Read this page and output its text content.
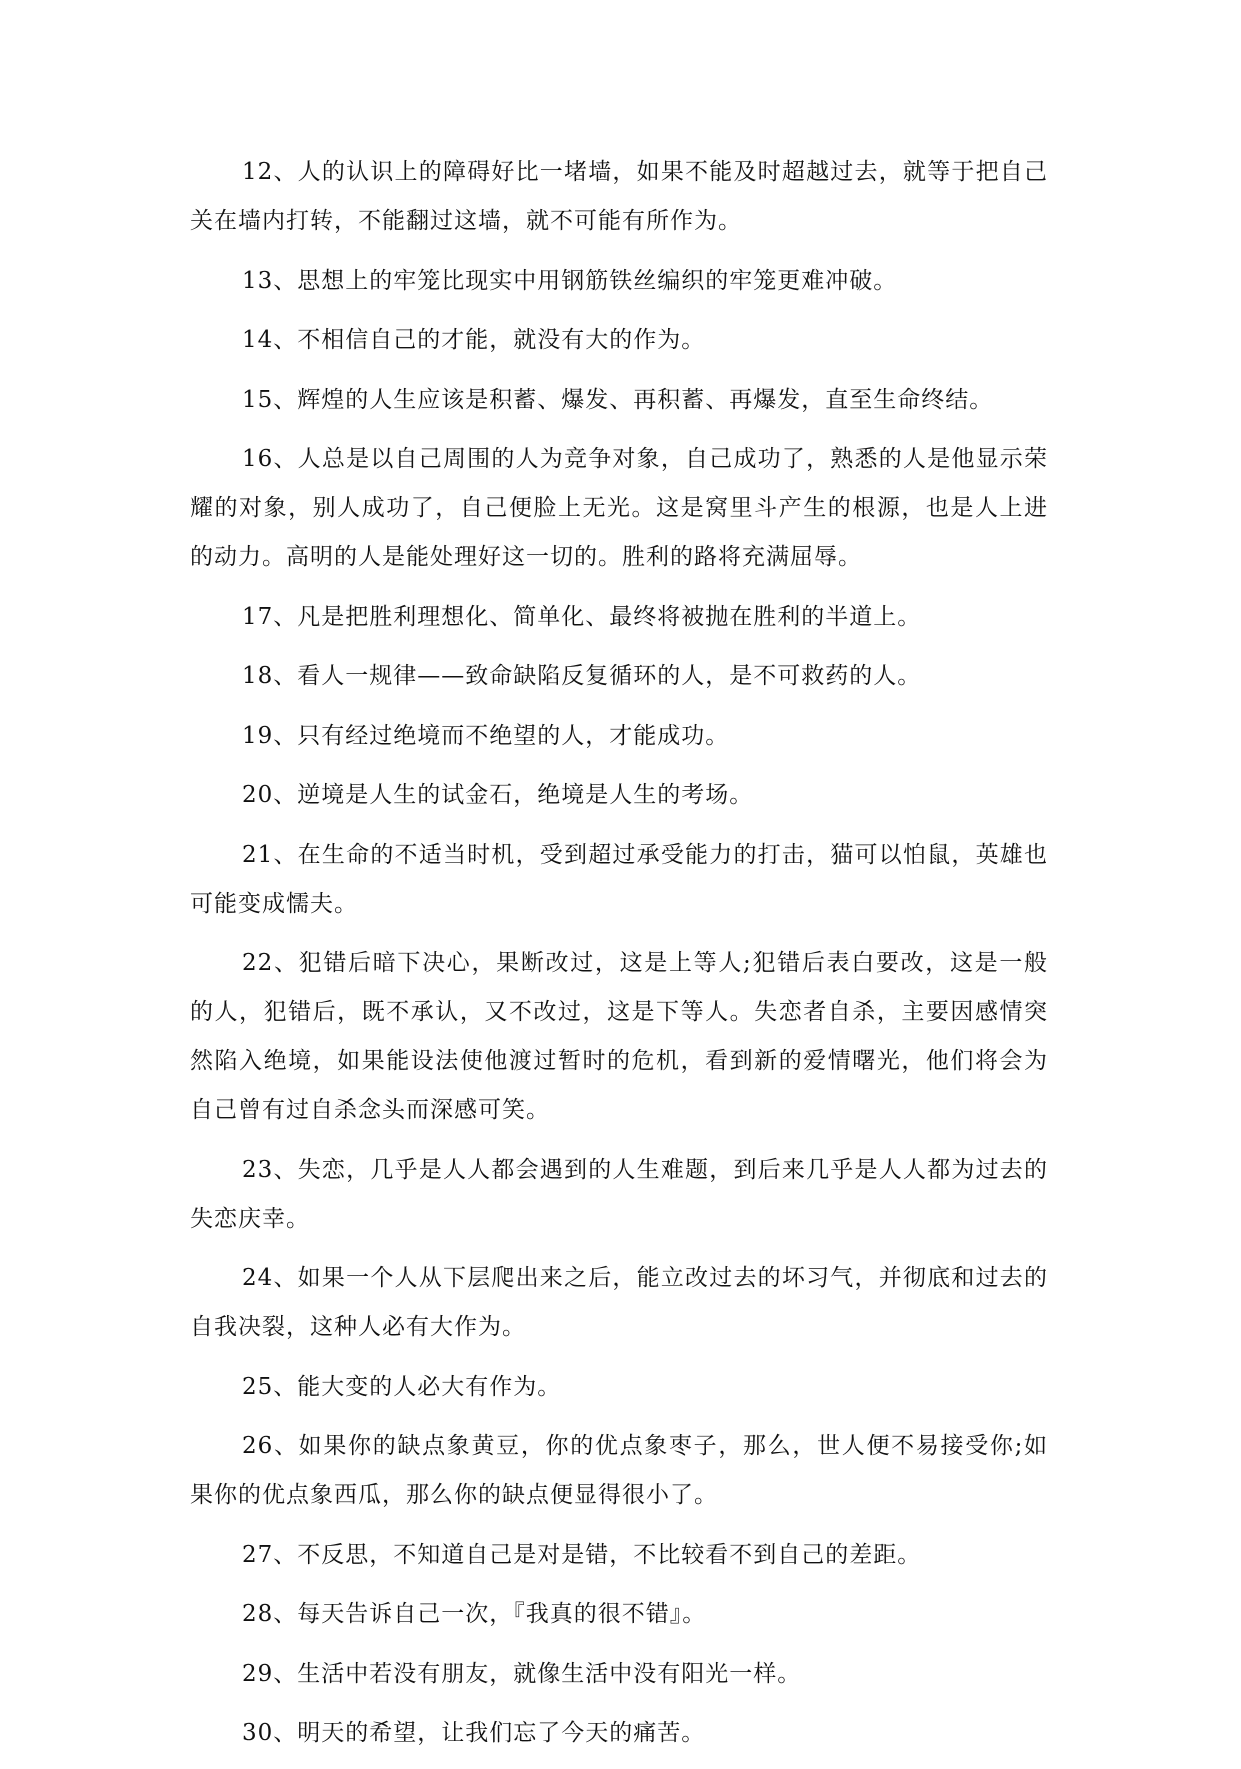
12、人的认识上的障碍好比一堵墙，如果不能及时超越过去，就等于把自己关在墙内打转，不能翻过这墙，就不可能有所作为。

13、思想上的牢笼比现实中用钢筋铁丝编织的牢笼更难冲破。

14、不相信自己的才能，就没有大的作为。

15、辉煌的人生应该是积蓄、爆发、再积蓄、再爆发，直至生命终结。

16、人总是以自己周围的人为竞争对象，自己成功了，熟悉的人是他显示荣耀的对象，别人成功了，自己便脸上无光。这是窝里斗产生的根源，也是人上进的动力。高明的人是能处理好这一切的。胜利的路将充满屈辱。

17、凡是把胜利理想化、简单化、最终将被抛在胜利的半道上。

18、看人一规律——致命缺陷反复循环的人，是不可救药的人。

19、只有经过绝境而不绝望的人，才能成功。

20、逆境是人生的试金石，绝境是人生的考场。

21、在生命的不适当时机，受到超过承受能力的打击，猫可以怕鼠，英雄也可能变成懦夫。

22、犯错后暗下决心，果断改过，这是上等人;犯错后表白要改，这是一般的人，犯错后，既不承认，又不改过，这是下等人。失恋者自杀，主要因感情突然陷入绝境，如果能设法使他渡过暂时的危机，看到新的爱情曙光，他们将会为自己曾有过自杀念头而深感可笑。

23、失恋，几乎是人人都会遇到的人生难题，到后来几乎是人人都为过去的失恋庆幸。

24、如果一个人从下层爬出来之后，能立改过去的坏习气，并彻底和过去的自我决裂，这种人必有大作为。

25、能大变的人必大有作为。

26、如果你的缺点象黄豆，你的优点象枣子，那么，世人便不易接受你;如果你的优点象西瓜，那么你的缺点便显得很小了。

27、不反思，不知道自己是对是错，不比较看不到自己的差距。

28、每天告诉自己一次，『我真的很不错』。

29、生活中若没有朋友，就像生活中没有阳光一样。

30、明天的希望，让我们忘了今天的痛苦。
